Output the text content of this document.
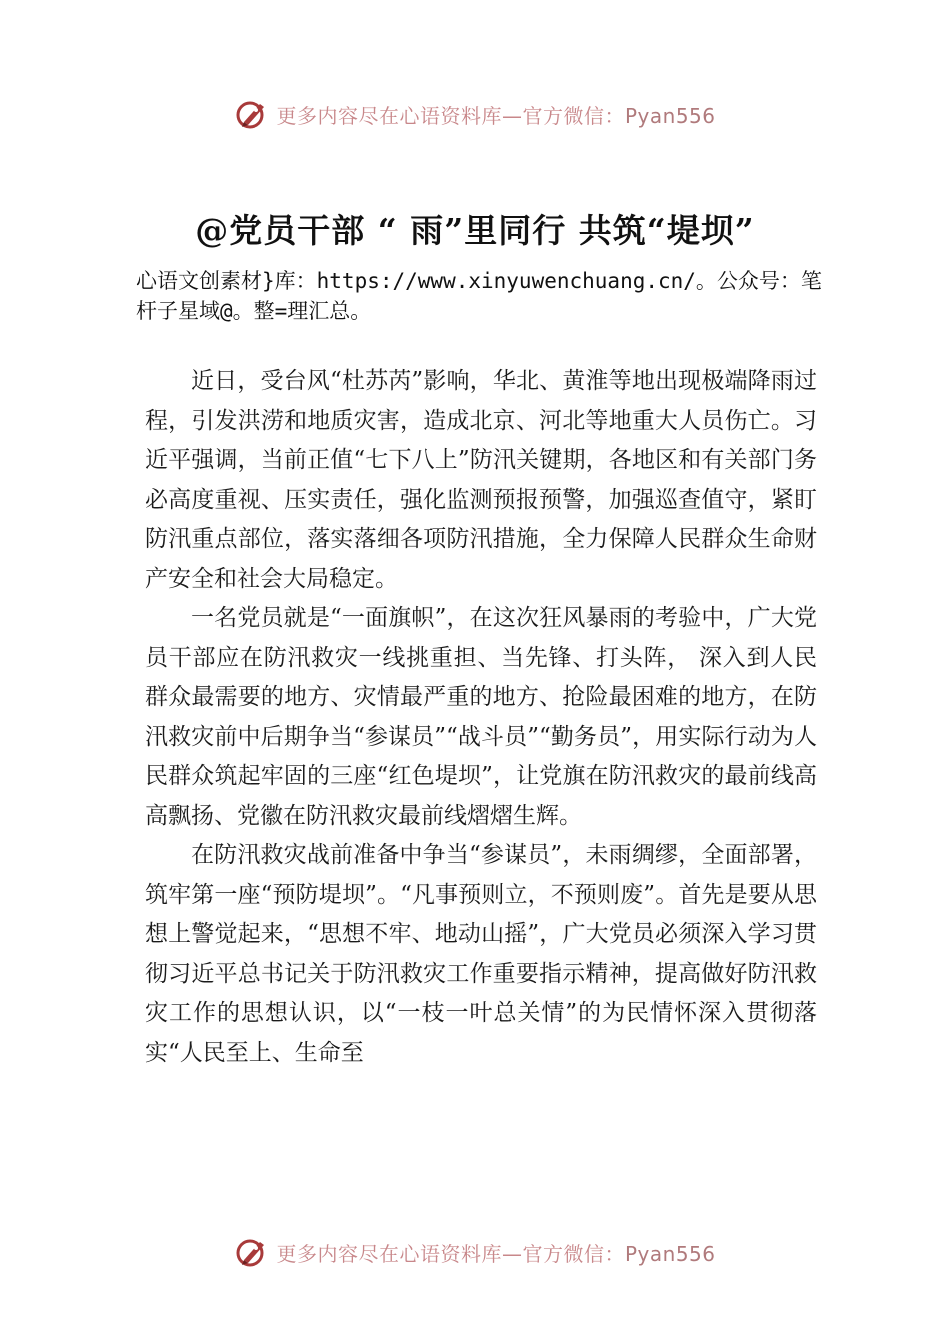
更多内容尽在心语资料库—官方微信：Pyan556
@党员干部 “ 雨”里同行 共筑“堤坝”
心语文创素材}库：https://www.xinyuwenchuang.cn/。公众号：笔杆子星域@。整=理汇总。

近日，受台风“杜苏芮”影响，华北、黄淮等地出现极端降雨过程，引发洪涝和地质灾害，造成北京、河北等地重大人员伤亡。习近平强调，当前正值“七下八上”防汛关键期，各地区和有关部门务必高度重视、压实责任，强化监测预报预警，加强巡查值守，紧盯防汛重点部位，落实落细各项防汛措施，全力保障人民群众生命财产安全和社会大局稳定。

一名党员就是“一面旗帜”，在这次狂风暴雨的考验中，广大党员干部应在防汛救灾一线挑重担、当先锋、打头阵， 深入到人民群众最需要的地方、灾情最严重的地方、抢险最困难的地方，在防汛救灾前中后期争当“参谋员”“战斗员”“勤务员”，用实际行动为人民群众筑起牢固的三座“红色堤坝”，让党旗在防汛救灾的最前线高高飘扬、党徽在防汛救灾最前线熠熠生辉。

在防汛救灾战前准备中争当“参谋员”，未雨绸缪，全面部署，筑牢第一座“预防堤坝”。“凡事预则立，不预则废”。首先是要从思想上警觉起来，“思想不牢、地动山摇”，广大党员必须深入学习贯彻习近平总书记关于防汛救灾工作重要指示精神，提高做好防汛救灾工作的思想认识，以“一枝一叶总关情”的为民情怀深入贯彻落实“人民至上、生命至

更多内容尽在心语资料库—官方微信：Pyan556
